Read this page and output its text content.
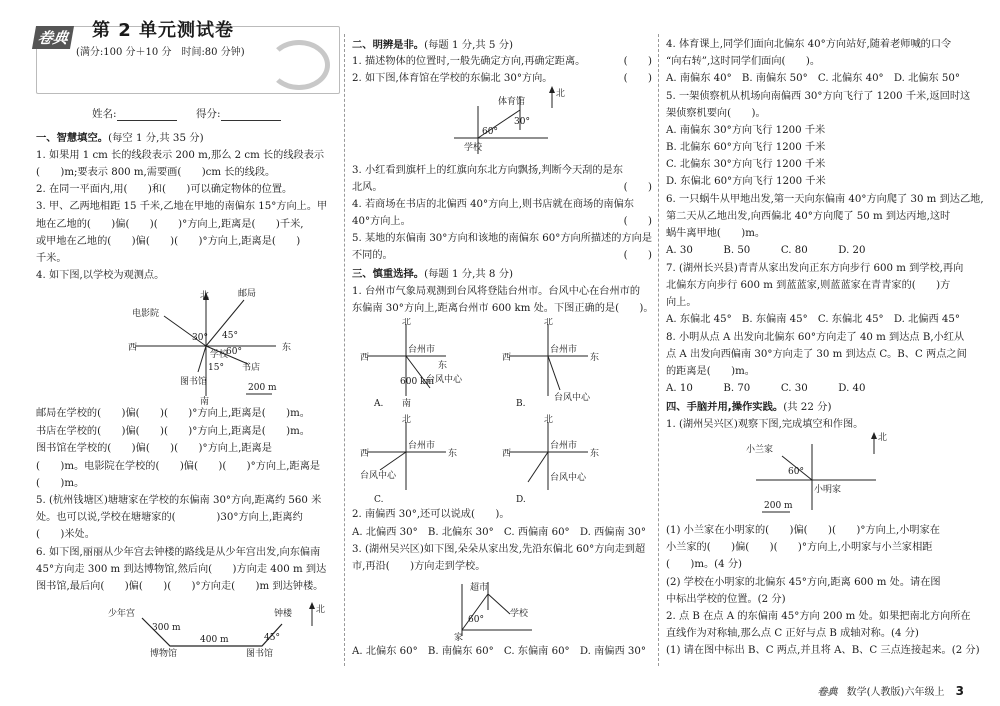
卷典 第 2 单元测试卷
(满分:100 分＋10 分　时间:80 分钟)
姓名:	得分:
一、智慧填空。(每空 1 分,共 35 分)
1. 如果用 1 cm 长的线段表示 200 m,那么 2 cm 长的线段表示
(　　)m;要表示 800 m,需要画(　　)cm 长的线段。
2. 在同一平面内,用(　　)和(　　)可以确定物体的位置。
3. 甲、乙两地相距 15 千米,乙地在甲地的南偏东 15°方向上。甲
地在乙地的(　　)偏(　　)(　　)°方向上,距离是(　　)千米,
或甲地在乙地的(　　)偏(　　)(　　)°方向上,距离是(　　)
千米。
4. 如下图,以学校为观测点。
北
西	东
南
邮局
电影院
学校
图书馆
书店
30° 45°
15°
60°
200 m
邮局在学校的(　　)偏(　　)(　　)°方向上,距离是(　　)m。
书店在学校的(　　)偏(　　)(　　)°方向上,距离是(　　)m。
图书馆在学校的(　　)偏(　　)(　　)°方向上,距离是
(　　)m。电影院在学校的(　　)偏(　　)(　　)°方向上,距离是
(　　)m。
5. (杭州钱塘区)塘塘家在学校的东偏南 30°方向,距离约 560 米
处。也可以说,学校在塘塘家的(　　　　)30°方向上,距离约
(　　)米处。
6. 如下图,丽丽从少年宫去钟楼的路线是从少年宫出发,向东偏南
45°方向走 300 m 到达博物馆,然后向(　　)方向走 400 m 到达
图书馆,最后向(　　)偏(　　)(　　)°方向走(　　)m 到达钟楼。
北
少年宫
博物馆	图书馆
钟楼
400 m
300 m
45°
二、明辨是非。(每题 1 分,共 5 分)
1. 描述物体的位置时,一般先确定方向,再确定距离。	(　　)
2. 如下图,体育馆在学校的东偏北 30°方向。	(　　)
北
体育馆
学校
60°
30°
3. 小红看到旗杆上的红旗向东北方向飘扬,判断今天刮的是东
北风。	(　　)
4. 若商场在书店的北偏西 40°方向上,则书店就在商场的南偏东
40°方向上。	(　　)
5. 某地的东偏南 30°方向和该地的南偏东 60°方向所描述的方向是
不同的。	(　　)
三、慎重选择。(每题 1 分,共 8 分)
1. 台州市气象局观测到台风将登陆台州市。台风中心在台州市的
东偏南 30°方向上,距离台州市 600 km 处。下图正确的是(　　)。
北
西
东
南
台州市
台风中心
600 km
A.
北
西	东
台州市
台风中心
B.
北
西	东
台州市
台风中心
C.
北
西	东
台州市
台风中心
D.
2. 南偏西 30°,还可以说成(　　)。
A. 北偏西 30°　B. 北偏东 30°　C. 西偏南 60°　D. 西偏南 30°
3. (湖州吴兴区)如下图,朵朵从家出发,先沿东偏北 60°方向走到超
市,再沿(　　)方向走到学校。
超市
学校
家
60°
A. 北偏东 60°　B. 南偏东 60°　C. 东偏南 60°　D. 南偏西 30°
4. 体育课上,同学们面向北偏东 40°方向站好,随着老师喊的口令
“向右转”,这时同学们面向(　　)。
A. 南偏东 40°　B. 南偏东 50°　C. 北偏东 40°　D. 北偏东 50°
5. 一架侦察机从机场向南偏西 30°方向飞行了 1200 千米,返回时这
架侦察机要向(　　)。
A. 南偏东 30°方向飞行 1200 千米
B. 北偏东 60°方向飞行 1200 千米
C. 北偏东 30°方向飞行 1200 千米
D. 东偏北 60°方向飞行 1200 千米
6. 一只蜗牛从甲地出发,第一天向东偏南 40°方向爬了 30 m 到达乙地,
第二天从乙地出发,向西偏北 40°方向爬了 50 m 到达丙地,这时
蜗牛离甲地(　　)m。
A. 30　　　B. 50　　　C. 80　　　D. 20
7. (湖州长兴县)青青从家出发向正东方向步行 600 m 到学校,再向
北偏东方向步行 600 m 到蓝蓝家,则蓝蓝家在青青家的(　　)方
向上。
A. 东偏北 45°　B. 东偏南 45°　C. 东偏北 45°　D. 北偏西 45°
8. 小明从点 A 出发向北偏东 60°方向走了 40 m 到达点 B,小红从
点 A 出发向西偏南 30°方向走了 30 m 到达点 C。B、C 两点之间
的距离是(　　)m。
A. 10　　　B. 70　　　C. 30　　　D. 40
四、手脑并用,操作实践。(共 22 分)
1. (湖州吴兴区)观察下图,完成填空和作图。
北
小兰家
小明家
60°
200 m
(1) 小兰家在小明家的(　　)偏(　　)(　　)°方向上,小明家在
小兰家的(　　)偏(　　)(　　)°方向上,小明家与小兰家相距
(　　)m。(4 分)
(2) 学校在小明家的北偏东 45°方向,距离 600 m 处。请在图
中标出学校的位置。(2 分)
2. 点 B 在点 A 的东偏南 45°方向 200 m 处。如果把南北方向所在
直线作为对称轴,那么点 C 正好与点 B 成轴对称。(4 分)
(1) 请在图中标出 B、C 两点,并且将 A、B、C 三点连接起来。(2 分)
卷典 数学(人教版)六年级上 3
